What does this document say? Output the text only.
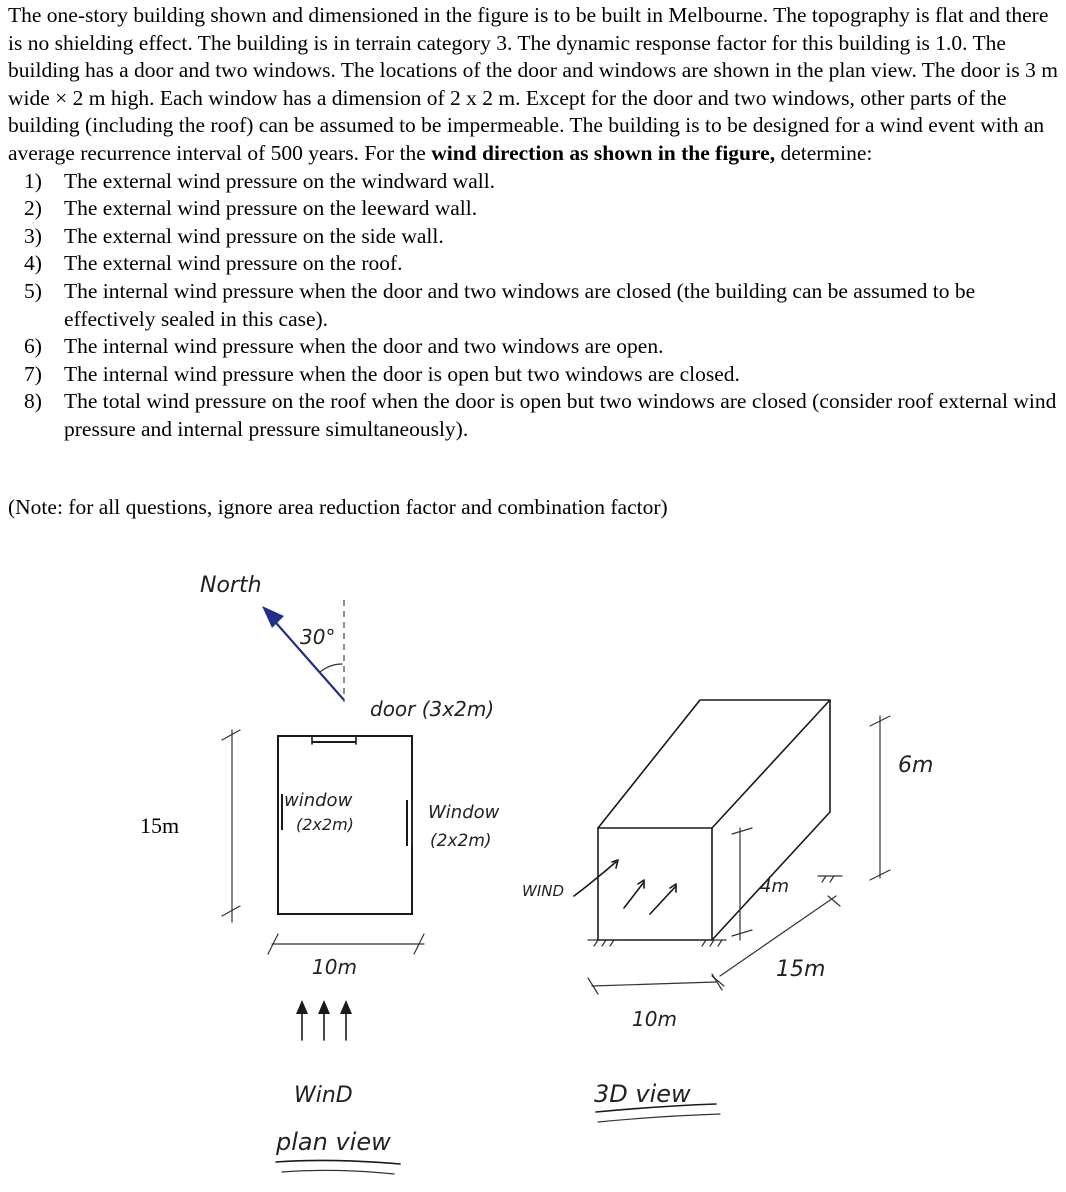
The one-story building shown and dimensioned in the figure is to be built in Melbourne. The topography is flat and there is no shielding effect. The building is in terrain category 3. The dynamic response factor for this building is 1.0. The building has a door and two windows. The locations of the door and windows are shown in the plan view. The door is 3 m wide × 2 m high. Each window has a dimension of 2 x 2 m. Except for the door and two windows, other parts of the building (including the roof) can be assumed to be impermeable. The building is to be designed for a wind event with an average recurrence interval of 500 years. For the wind direction as shown in the figure, determine:

1) The external wind pressure on the windward wall.
2) The external wind pressure on the leeward wall.
3) The external wind pressure on the side wall.
4) The external wind pressure on the roof.
5) The internal wind pressure when the door and two windows are closed (the building can be assumed to be effectively sealed in this case).
6) The internal wind pressure when the door and two windows are open.
7) The internal wind pressure when the door is open but two windows are closed.
8) The total wind pressure on the roof when the door is open but two windows are closed (consider roof external wind pressure and internal pressure simultaneously).
(Note: for all questions, ignore area reduction factor and combination factor)
North
30°
door (3x2m)
window
(2x2m)
Window
(2x2m)
15m
10m
WinD
plan view
WIND	4m
6m
15m
10m
3D view
